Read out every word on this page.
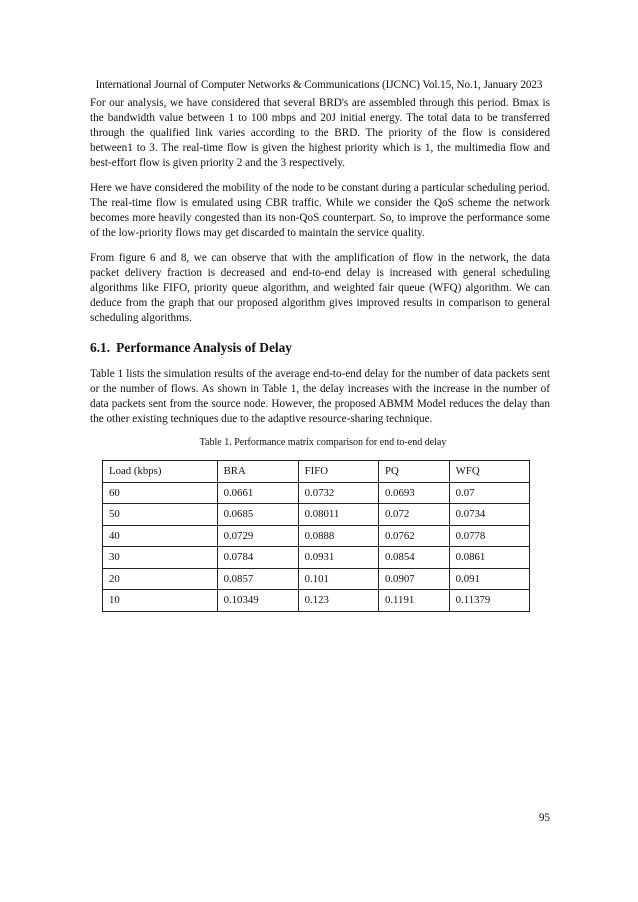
International Journal of Computer Networks & Communications (IJCNC) Vol.15, No.1, January 2023

For our analysis, we have considered that several BRD's are assembled through this period. Bmax is the bandwidth value between 1 to 100 mbps and 20J initial energy. The total data to be transferred through the qualified link varies according to the BRD. The priority of the flow is considered between1 to 3. The real-time flow is given the highest priority which is 1, the multimedia flow and best-effort flow is given priority 2 and the 3 respectively.

Here we have considered the mobility of the node to be constant during a particular scheduling period. The real-time flow is emulated using CBR traffic. While we consider the QoS scheme the network becomes more heavily congested than its non-QoS counterpart. So, to improve the performance some of the low-priority flows may get discarded to maintain the service quality.

From figure 6 and 8, we can observe that with the amplification of flow in the network, the data packet delivery fraction is decreased and end-to-end delay is increased with general scheduling algorithms like FIFO, priority queue algorithm, and weighted fair queue (WFQ) algorithm. We can deduce from the graph that our proposed algorithm gives improved results in comparison to general scheduling algorithms.

6.1. Performance Analysis of Delay

Table 1 lists the simulation results of the average end-to-end delay for the number of data packets sent or the number of flows. As shown in Table 1, the delay increases with the increase in the number of data packets sent from the source node. However, the proposed ABMM Model reduces the delay than the other existing techniques due to the adaptive resource-sharing technique.

Table 1. Performance matrix comparison for end to-end delay
Load (kbps)	BRA	FIFO	PQ	WFQ
60	0.0661	0.0732	0.0693	0.07
50	0.0685	0.08011	0.072	0.0734
40	0.0729	0.0888	0.0762	0.0778
30	0.0784	0.0931	0.0854	0.0861
20	0.0857	0.101	0.0907	0.091
10	0.10349	0.123	0.1191	0.11379
95
